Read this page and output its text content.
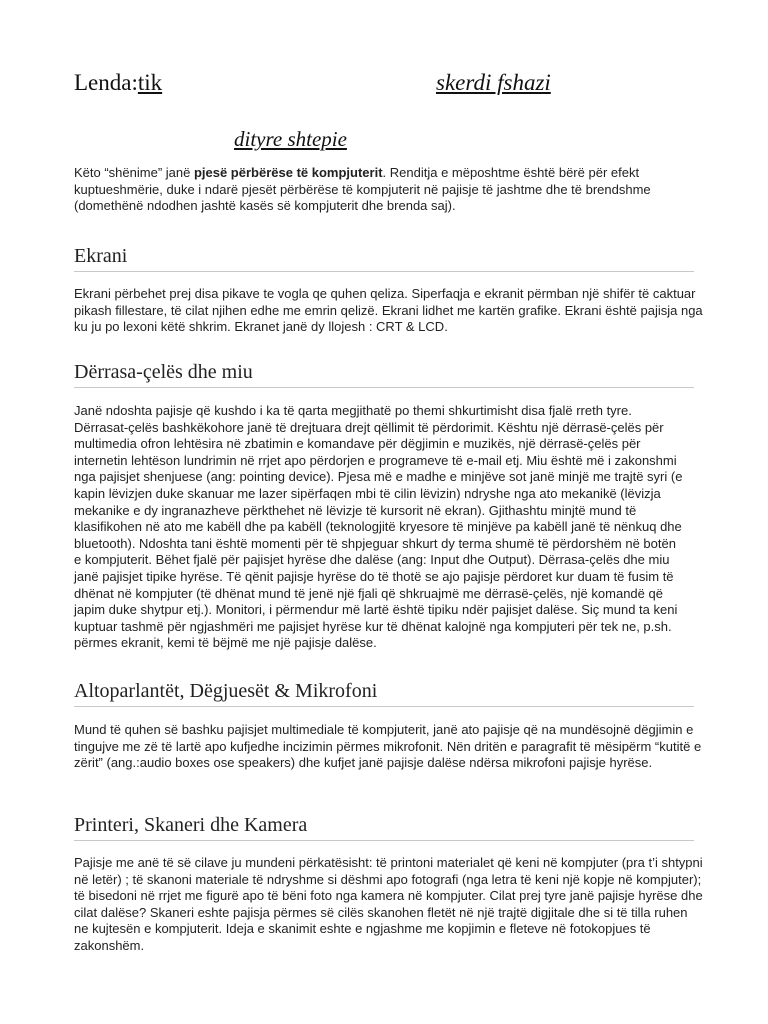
Lenda:tik	skerdi fshazi
dityre shtepie

Këto “shënime” janë pjesë përbërëse të kompjuterit. Renditja e mëposhtme është bërë për efekt kuptueshmërie, duke i ndarë pjesët përbërëse të kompjuterit në pajisje të jashtme dhe të brendshme (domethënë ndodhen jashtë kasës së kompjuterit dhe brenda saj).

Ekrani

Ekrani përbehet prej disa pikave te vogla qe quhen qeliza. Siperfaqja e ekranit përmban një shifër të caktuar pikash fillestare, të cilat njihen edhe me emrin qelizë. Ekrani lidhet me kartën grafike. Ekrani është pajisja nga ku ju po lexoni këtë shkrim. Ekranet janë dy llojesh : CRT & LCD.

Dërrasa-çelës dhe miu

Janë ndoshta pajisje që kushdo i ka të qarta megjithatë po themi shkurtimisht disa fjalë rreth tyre. Dërrasat-çelës bashkëkohore janë të drejtuara drejt qëllimit të përdorimit. Kështu një dërrasë-çelës për multimedia ofron lehtësira në zbatimin e komandave për dëgjimin e muzikës, një dërrasë-çelës për internetin lehtëson lundrimin në rrjet apo përdorjen e programeve të e-mail etj. Miu është më i zakonshmi nga pajisjet shenjuese (ang: pointing device). Pjesa më e madhe e minjëve sot janë minjë me trajtë syri (e kapin lëvizjen duke skanuar me lazer sipërfaqen mbi të cilin lëvizin) ndryshe nga ato mekanikë (lëvizja mekanike e dy ingranazheve përkthehet në lëvizje të kursorit në ekran). Gjithashtu minjtë mund të klasifikohen në ato me kabëll dhe pa kabëll (teknologjitë kryesore të minjëve pa kabëll janë të nënkuq dhe bluetooth). Ndoshta tani është momenti për të shpjeguar shkurt dy terma shumë të përdorshëm në botën e kompjuterit. Bëhet fjalë për pajisjet hyrëse dhe dalëse (ang: Input dhe Output). Dërrasa-çelës dhe miu janë pajisjet tipike hyrëse. Të qënit pajisje hyrëse do të thotë se ajo pajisje përdoret kur duam të fusim të dhënat në kompjuter (të dhënat mund të jenë një fjali që shkruajmë me dërrasë-çelës, një komandë që japim duke shytpur etj.). Monitori, i përmendur më lartë është tipiku ndër pajisjet dalëse. Siç mund ta keni kuptuar tashmë për ngjashmëri me pajisjet hyrëse kur të dhënat kalojnë nga kompjuteri për tek ne, p.sh. përmes ekranit, kemi të bëjmë me një pajisje dalëse.

Altoparlantët, Dëgjuesët & Mikrofoni

Mund të quhen së bashku pajisjet multimediale të kompjuterit, janë ato pajisje që na mundësojnë dëgjimin e tingujve me zë të lartë apo kufjedhe incizimin përmes mikrofonit. Nën dritën e paragrafit të mësipërm “kutitë e zërit” (ang.:audio boxes ose speakers) dhe kufjet janë pajisje dalëse ndërsa mikrofoni pajisje hyrëse.

Printeri, Skaneri dhe Kamera

Pajisje me anë të së cilave ju mundeni përkatësisht: të printoni materialet që keni në kompjuter (pra t’i shtypni në letër) ; të skanoni materiale të ndryshme si dëshmi apo fotografi (nga letra të keni një kopje në kompjuter); të bisedoni në rrjet me figurë apo të bëni foto nga kamera në kompjuter. Cilat prej tyre janë pajisje hyrëse dhe cilat dalëse? Skaneri eshte pajisja përmes së cilës skanohen fletët në një trajtë digjitale dhe si të tilla ruhen ne kujtesën e kompjuterit. Ideja e skanimit eshte e ngjashme me kopjimin e fleteve në fotokopjues të zakonshëm.
